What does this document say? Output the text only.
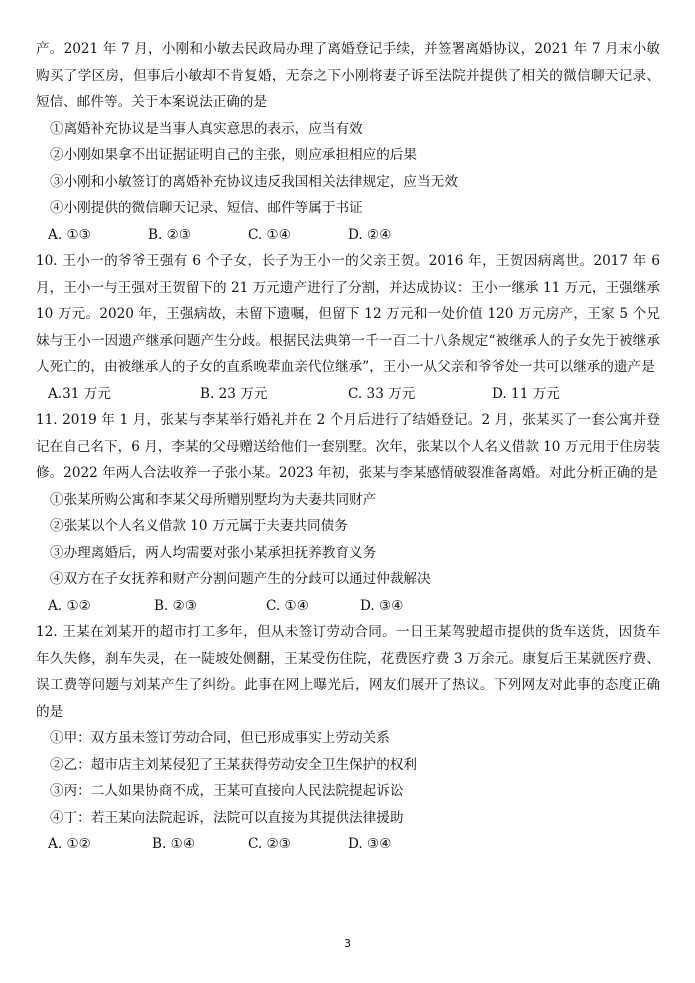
产。2021 年 7 月，小刚和小敏去民政局办理了离婚登记手续，并签署离婚协议，2021 年 7 月末小敏购买了学区房，但事后小敏却不肯复婚，无奈之下小刚将妻子诉至法院并提供了相关的微信聊天记录、短信、邮件等。关于本案说法正确的是

①离婚补充协议是当事人真实意思的表示，应当有效

②小刚如果拿不出证据证明自己的主张，则应承担相应的后果

③小刚和小敏签订的离婚补充协议违反我国相关法律规定，应当无效

④小刚提供的微信聊天记录、短信、邮件等属于书证

A. ①③	B. ②③	C. ①④	D. ②④

10. 王小一的爷爷王强有 6 个子女，长子为王小一的父亲王贺。2016 年，王贺因病离世。2017 年 6 月，王小一与王强对王贺留下的 21 万元遗产进行了分割，并达成协议：王小一继承 11 万元，王强继承 10 万元。2020 年，王强病故，未留下遗嘱，但留下 12 万元和一处价值 120 万元房产，王家 5 个兄妹与王小一因遗产继承问题产生分歧。根据民法典第一千一百二十八条规定“被继承人的子女先于被继承人死亡的，由被继承人的子女的直系晚辈血亲代位继承”，王小一从父亲和爷爷处一共可以继承的遗产是

A.31 万元	B. 23 万元	C. 33 万元	D. 11 万元

11. 2019 年 1 月，张某与李某举行婚礼并在 2 个月后进行了结婚登记。2 月，张某买了一套公寓并登记在自己名下，6 月，李某的父母赠送给他们一套别墅。次年，张某以个人名义借款 10 万元用于住房装修。2022 年两人合法收养一子张小某。2023 年初，张某与李某感情破裂准备离婚。对此分析正确的是

①张某所购公寓和李某父母所赠别墅均为夫妻共同财产

②张某以个人名义借款 10 万元属于夫妻共同债务

③办理离婚后，两人均需要对张小某承担抚养教育义务

④双方在子女抚养和财产分割问题产生的分歧可以通过仲裁解决

A. ①②	B. ②③	C. ①④	D. ③④

12. 王某在刘某开的超市打工多年，但从未签订劳动合同。一日王某驾驶超市提供的货车送货，因货车年久失修，刹车失灵，在一陡坡处侧翻，王某受伤住院，花费医疗费 3 万余元。康复后王某就医疗费、误工费等问题与刘某产生了纠纷。此事在网上曝光后，网友们展开了热议。下列网友对此事的态度正确的是

①甲：双方虽未签订劳动合同，但已形成事实上劳动关系

②乙：超市店主刘某侵犯了王某获得劳动安全卫生保护的权利

③丙：二人如果协商不成，王某可直接向人民法院提起诉讼

④丁：若王某向法院起诉，法院可以直接为其提供法律援助

A. ①②	B. ①④	C. ②③	D. ③④
3
